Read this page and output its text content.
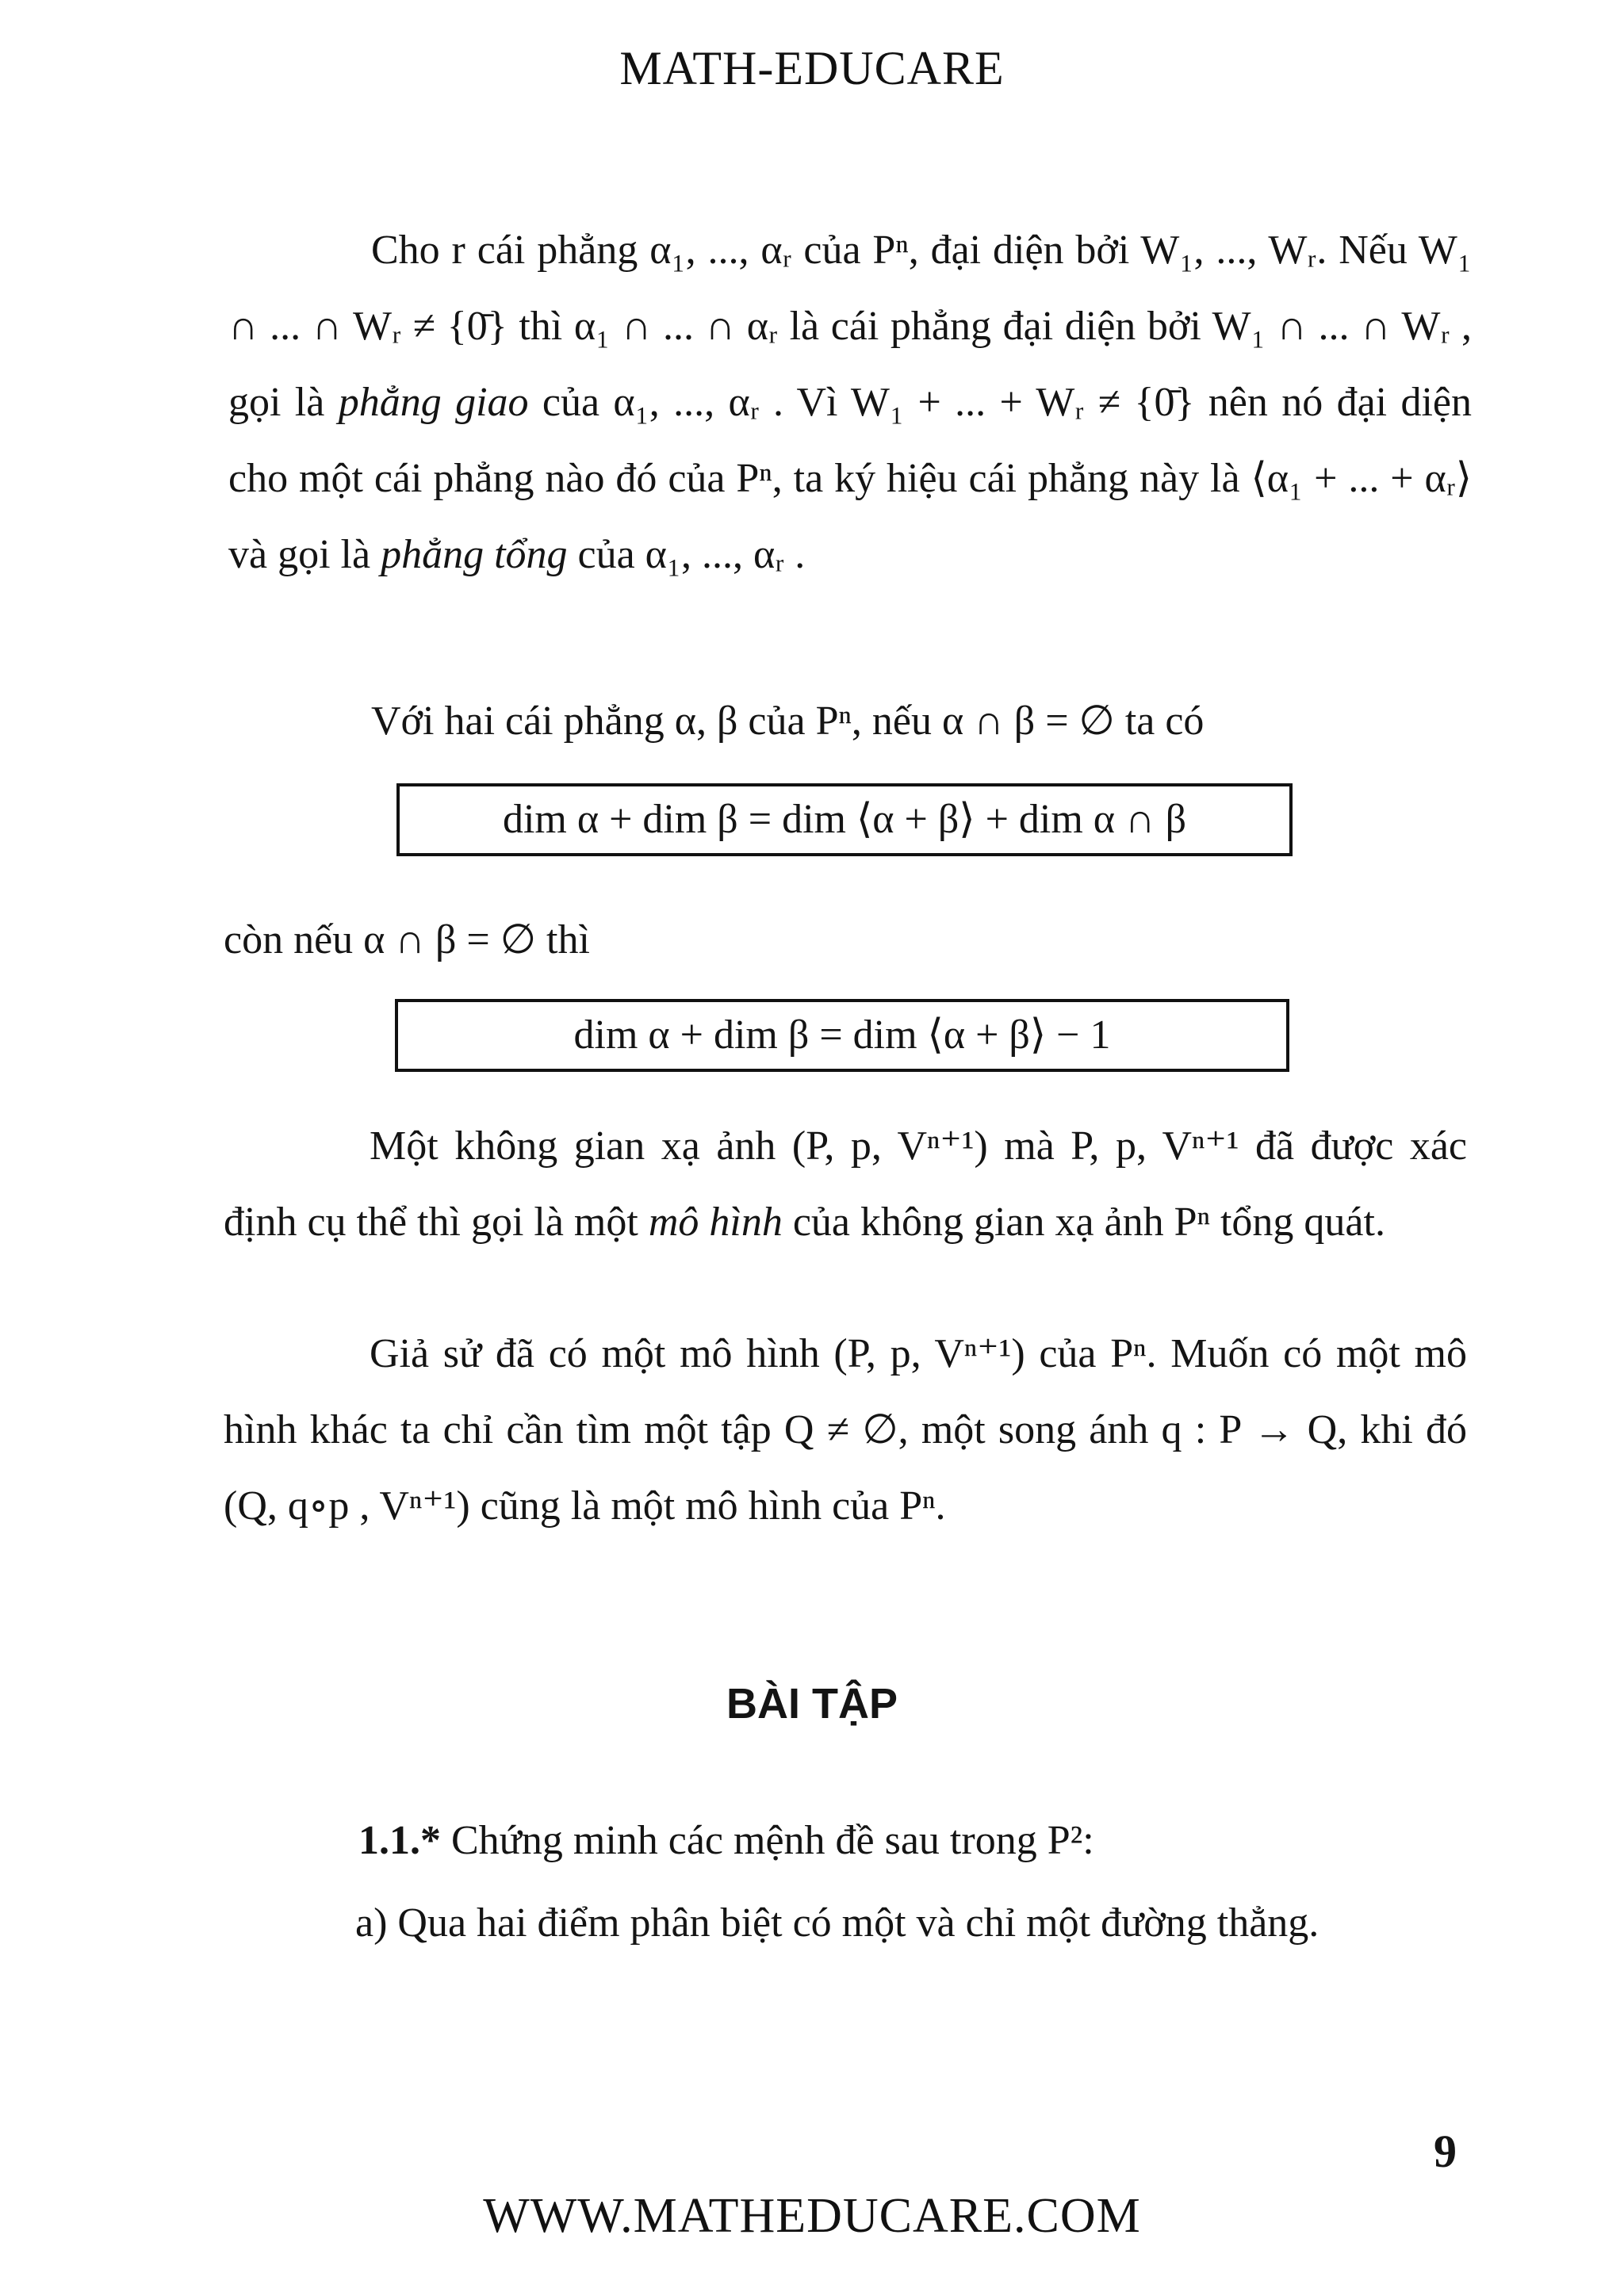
MATH-EDUCARE

Cho r cái phẳng α₁, ..., αᵣ của Pⁿ, đại diện bởi W₁, ..., Wᵣ. Nếu W₁ ∩ ... ∩ Wᵣ ≠ {0̄} thì α₁ ∩ ... ∩ αᵣ là cái phẳng đại diện bởi W₁ ∩ ... ∩ Wᵣ , gọi là phẳng giao của α₁, ..., αᵣ . Vì W₁ + ... + Wᵣ ≠ {0̄} nên nó đại diện cho một cái phẳng nào đó của Pⁿ, ta ký hiệu cái phẳng này là ⟨α₁ + ... + αᵣ⟩ và gọi là phẳng tổng của α₁, ..., αᵣ .

Với hai cái phẳng α, β của Pⁿ, nếu α ∩ β = ∅ ta có

dim α + dim β = dim ⟨α + β⟩ + dim α ∩ β

còn nếu α ∩ β = ∅ thì

dim α + dim β = dim ⟨α + β⟩ − 1

Một không gian xạ ảnh (P, p, Vⁿ⁺¹) mà P, p, Vⁿ⁺¹ đã được xác định cụ thể thì gọi là một mô hình của không gian xạ ảnh Pⁿ tổng quát.

Giả sử đã có một mô hình (P, p, Vⁿ⁺¹) của Pⁿ. Muốn có một mô hình khác ta chỉ cần tìm một tập Q ≠ ∅, một song ánh q : P → Q, khi đó (Q, q∘p , Vⁿ⁺¹) cũng là một mô hình của Pⁿ.

BÀI TẬP

1.1.* Chứng minh các mệnh đề sau trong P²:

a) Qua hai điểm phân biệt có một và chỉ một đường thẳng.

9
WWW.MATHEDUCARE.COM
